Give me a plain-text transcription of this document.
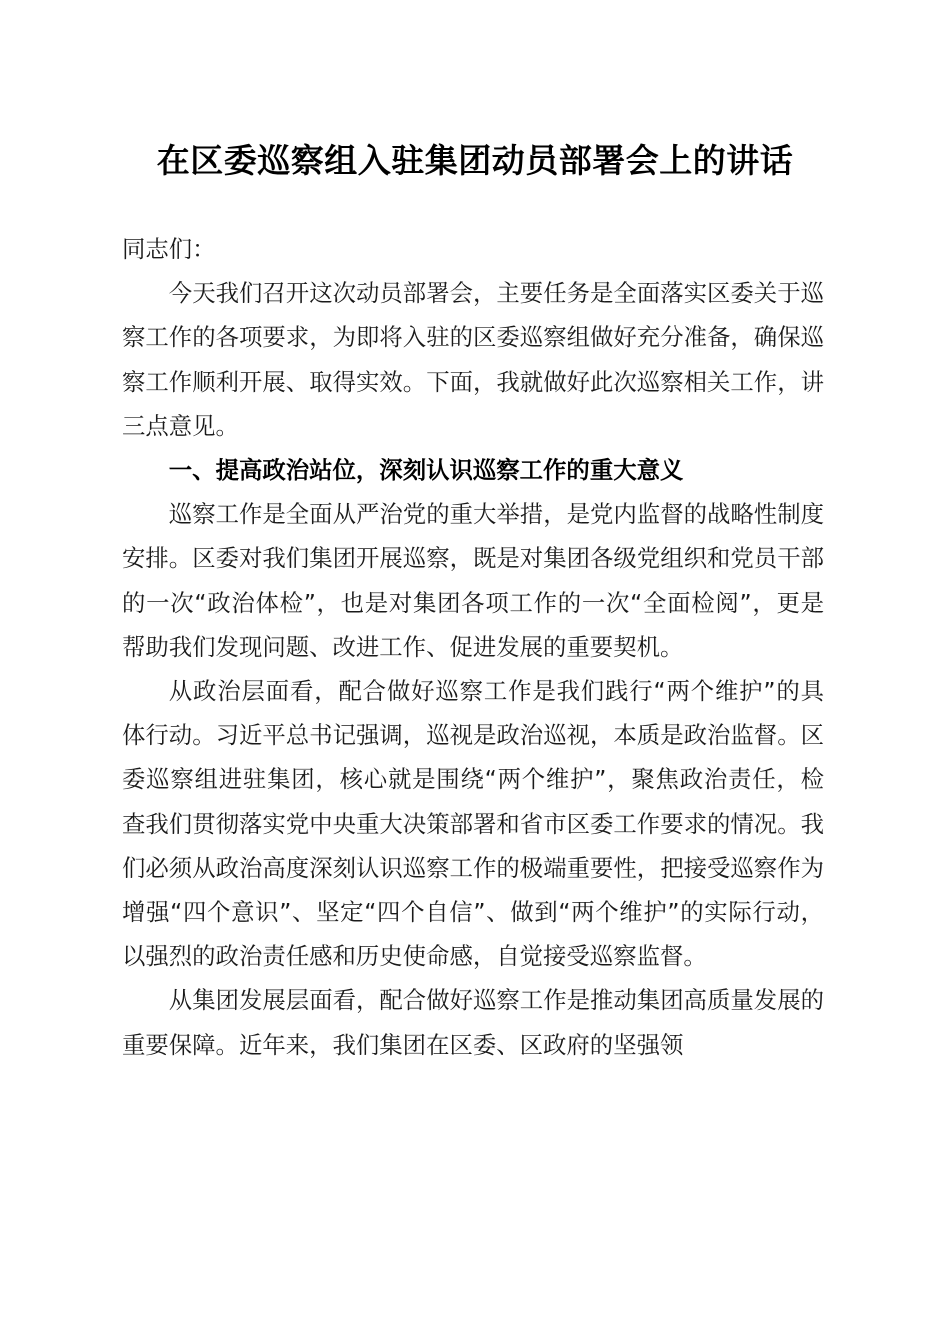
在区委巡察组入驻集团动员部署会上的讲话

同志们：

今天我们召开这次动员部署会，主要任务是全面落实区委关于巡察工作的各项要求，为即将入驻的区委巡察组做好充分准备，确保巡察工作顺利开展、取得实效。下面，我就做好此次巡察相关工作，讲三点意见。

一、提高政治站位，深刻认识巡察工作的重大意义

巡察工作是全面从严治党的重大举措，是党内监督的战略性制度安排。区委对我们集团开展巡察，既是对集团各级党组织和党员干部的一次“政治体检”，也是对集团各项工作的一次“全面检阅”，更是帮助我们发现问题、改进工作、促进发展的重要契机。

从政治层面看，配合做好巡察工作是我们践行“两个维护”的具体行动。习近平总书记强调，巡视是政治巡视，本质是政治监督。区委巡察组进驻集团，核心就是围绕“两个维护”，聚焦政治责任，检查我们贯彻落实党中央重大决策部署和省市区委工作要求的情况。我们必须从政治高度深刻认识巡察工作的极端重要性，把接受巡察作为增强“四个意识”、坚定“四个自信”、做到“两个维护”的实际行动，以强烈的政治责任感和历史使命感，自觉接受巡察监督。

从集团发展层面看，配合做好巡察工作是推动集团高质量发展的重要保障。近年来，我们集团在区委、区政府的坚强领
